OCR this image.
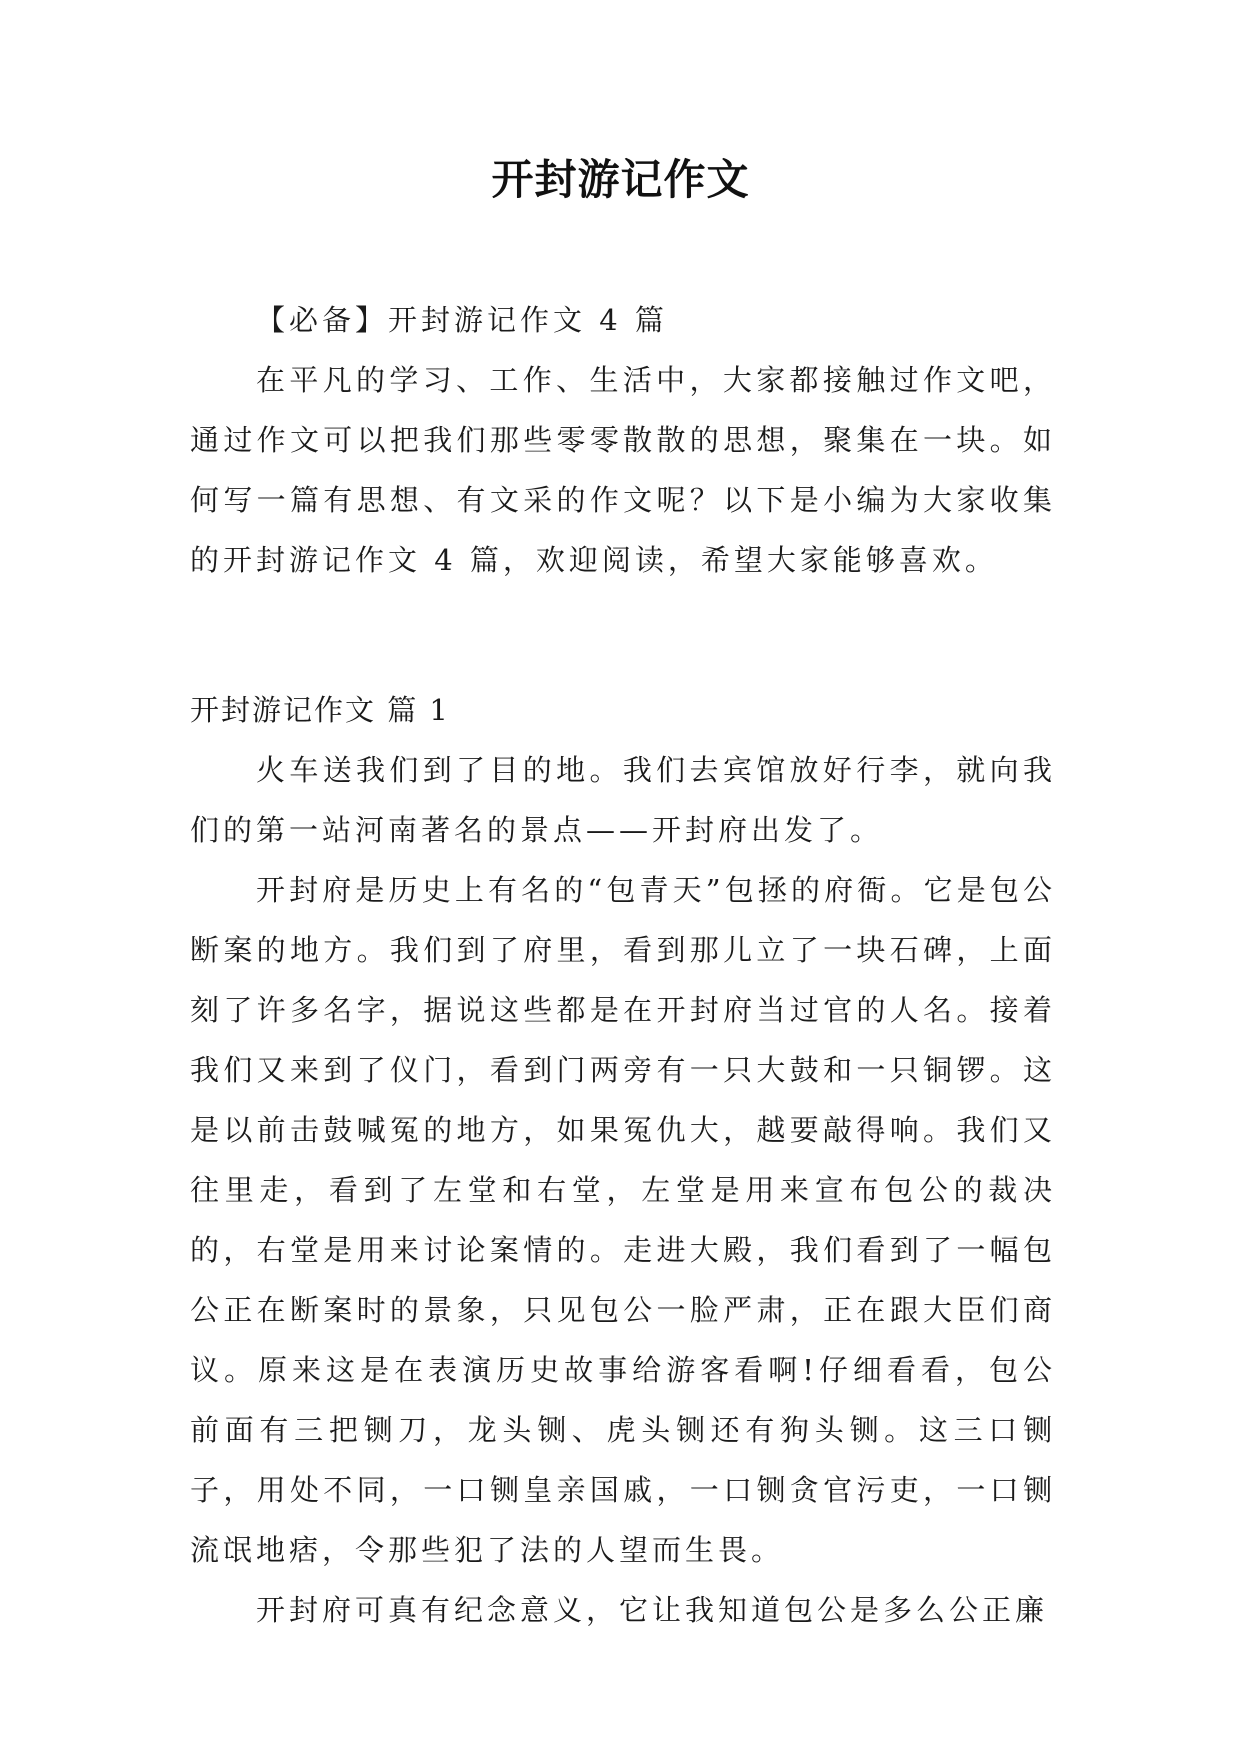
开封游记作文

【必备】开封游记作文 4 篇

在平凡的学习、工作、生活中，大家都接触过作文吧，通过作文可以把我们那些零零散散的思想，聚集在一块。如何写一篇有思想、有文采的作文呢？以下是小编为大家收集的开封游记作文 4 篇，欢迎阅读，希望大家能够喜欢。

开封游记作文 篇 1

火车送我们到了目的地。我们去宾馆放好行李，就向我们的第一站河南著名的景点——开封府出发了。

开封府是历史上有名的“包青天”包拯的府衙。它是包公断案的地方。我们到了府里，看到那儿立了一块石碑，上面刻了许多名字，据说这些都是在开封府当过官的人名。接着我们又来到了仪门，看到门两旁有一只大鼓和一只铜锣。这是以前击鼓喊冤的地方，如果冤仇大，越要敲得响。我们又往里走，看到了左堂和右堂，左堂是用来宣布包公的裁决的，右堂是用来讨论案情的。走进大殿，我们看到了一幅包公正在断案时的景象，只见包公一脸严肃，正在跟大臣们商议。原来这是在表演历史故事给游客看啊!仔细看看，包公前面有三把铡刀，龙头铡、虎头铡还有狗头铡。这三口铡子，用处不同，一口铡皇亲国戚，一口铡贪官污吏，一口铡流氓地痞，令那些犯了法的人望而生畏。

开封府可真有纪念意义，它让我知道包公是多么公正廉
